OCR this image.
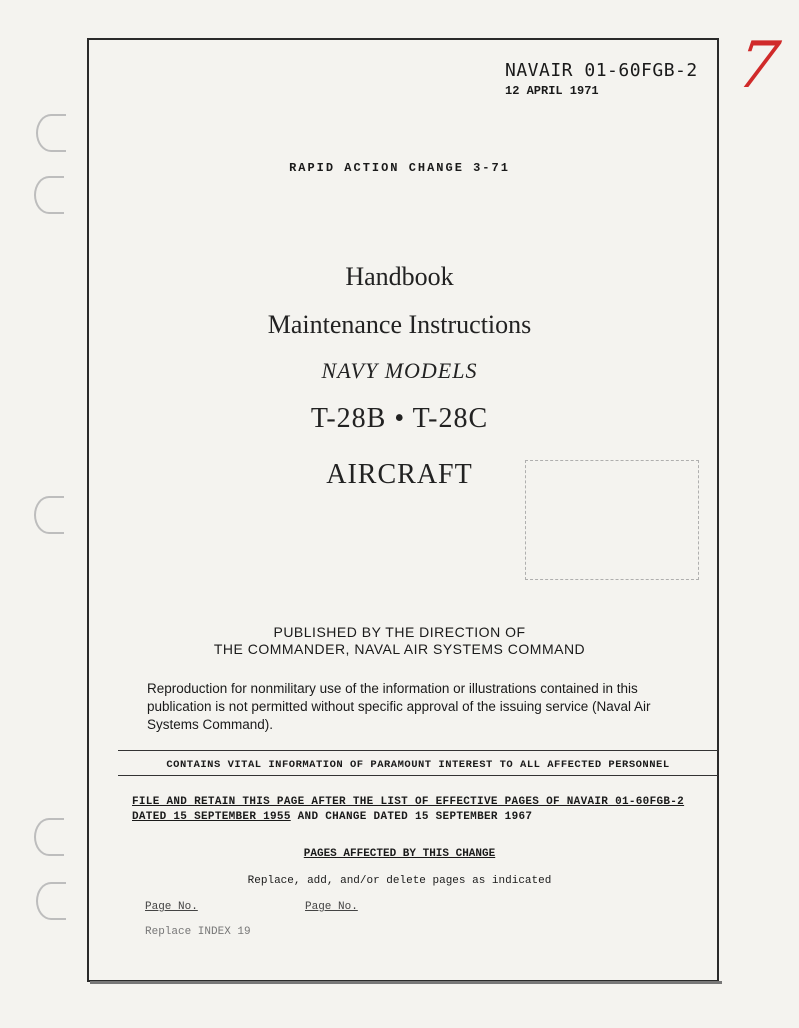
7
NAVAIR 01-60FGB-2
12 APRIL 1971
RAPID ACTION CHANGE 3-71
Handbook
Maintenance Instructions
NAVY MODELS
T-28B • T-28C
AIRCRAFT
PUBLISHED BY THE DIRECTION OF
THE COMMANDER, NAVAL AIR SYSTEMS COMMAND
Reproduction for nonmilitary use of the information or illustrations contained in this publication is not permitted without specific approval of the issuing service (Naval Air Systems Command).
CONTAINS VITAL INFORMATION OF PARAMOUNT INTEREST TO ALL AFFECTED PERSONNEL
FILE AND RETAIN THIS PAGE AFTER THE LIST OF EFFECTIVE PAGES OF NAVAIR 01-60FGB-2
DATED 15 SEPTEMBER 1955 AND CHANGE DATED 15 SEPTEMBER 1967
PAGES AFFECTED BY THIS CHANGE
Replace, add, and/or delete pages as indicated
Page No.	Page No.
Replace INDEX 19
